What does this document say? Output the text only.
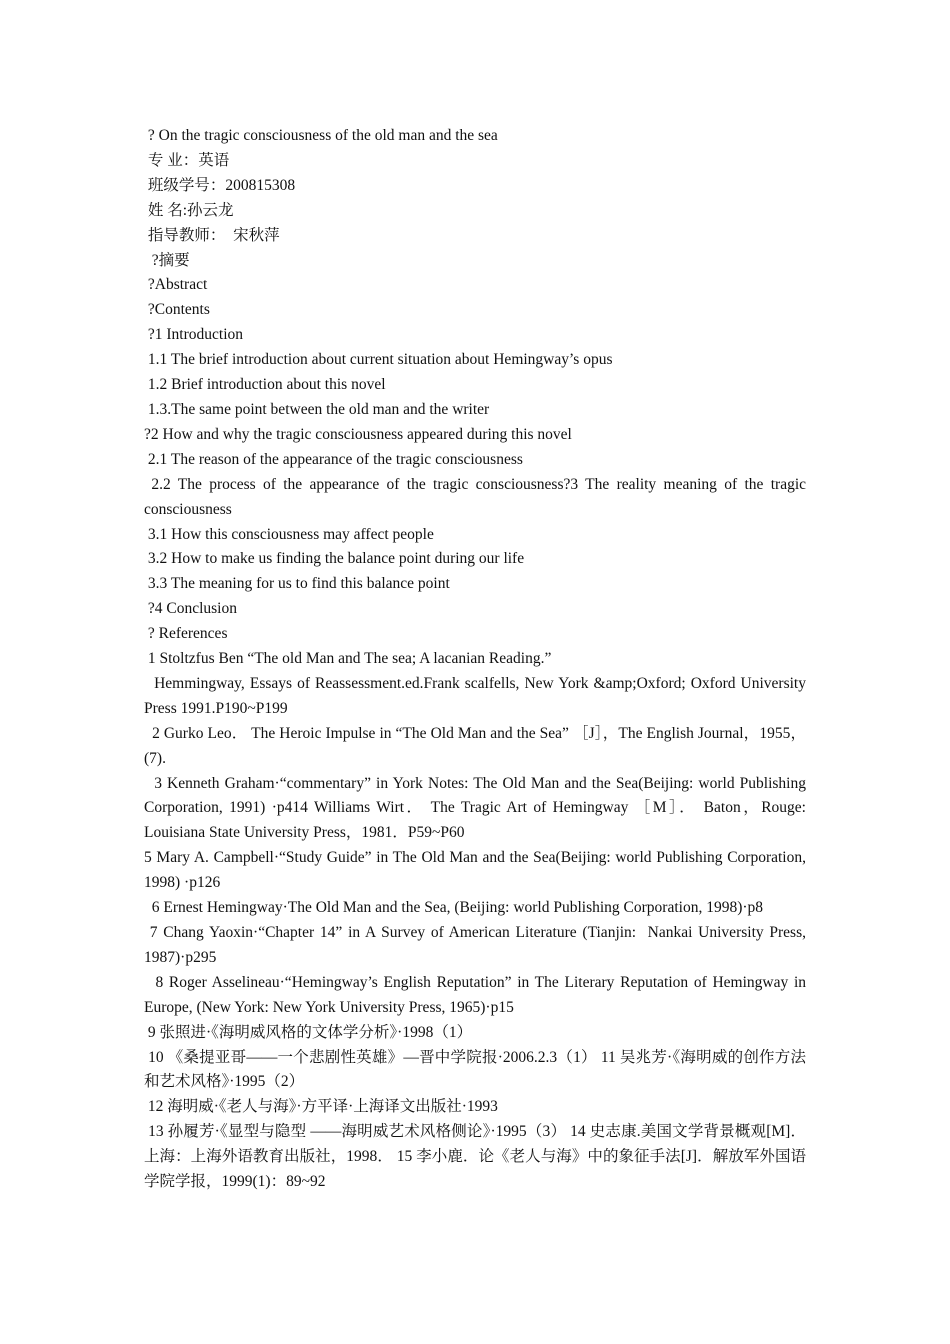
? On the tragic consciousness of the old man and the sea

专 业：英语

班级学号：200815308

姓 名:孙云龙

指导教师：  宋秋萍

?摘要

?Abstract

?Contents

?1 Introduction

1.1 The brief introduction about current situation about Hemingway’s opus

1.2 Brief introduction about this novel

1.3.The same point between the old man and the writer

?2 How and why the tragic consciousness appeared during this novel

2.1 The reason of the appearance of the tragic consciousness

2.2 The process of the appearance of the tragic consciousness?3 The reality meaning of the tragic consciousness

3.1 How this consciousness may affect people

3.2 How to make us finding the balance point during our life

3.3 The meaning for us to find this balance point

?4 Conclusion

? References

1 Stoltzfus Ben “The old Man and The sea; A lacanian Reading.”

Hemmingway, Essays of Reassessment.ed.Frank scalfells, New York &amp;Oxford; Oxford University Press 1991.P190~P199

2 Gurko Leo． The Heroic Impulse in “The Old Man and the Sea” ［J］，The English Journal，1955，(7).

3 Kenneth Graham·“commentary” in York Notes: The Old Man and the Sea(Beijing: world Publishing Corporation, 1991) ·p414 Williams Wirt． The Tragic Art of Hemingway ［M］． Baton，Rouge: Louisiana State University Press，1981．P59~P60

5 Mary A. Campbell·“Study Guide” in The Old Man and the Sea(Beijing: world Publishing Corporation, 1998) ·p126

6 Ernest Hemingway·The Old Man and the Sea, (Beijing: world Publishing Corporation, 1998)·p8

7 Chang Yaoxin·“Chapter 14” in A Survey of American Literature (Tianjin:  Nankai University Press, 1987)·p295

8 Roger Asselineau·“Hemingway’s English Reputation” in The Literary Reputation of Hemingway in Europe, (New York: New York University Press, 1965)·p15

9 张照进·《海明威风格的文体学分析》·1998（1）

10 《桑提亚哥——一个悲剧性英雄》—晋中学院报·2006.2.3（1） 11 吴兆芳·《海明威的创作方法和艺术风格》·1995（2）

12 海明威·《老人与海》·方平译·上海译文出版社·1993

13 孙履芳·《显型与隐型 ——海明威艺术风格侧论》·1995（3） 14 史志康.美国文学背景概观[M]．上海：上海外语教育出版社，1998． 15 李小鹿．论《老人与海》中的象征手法[J]．解放军外国语学院学报，1999(1)：89~92
